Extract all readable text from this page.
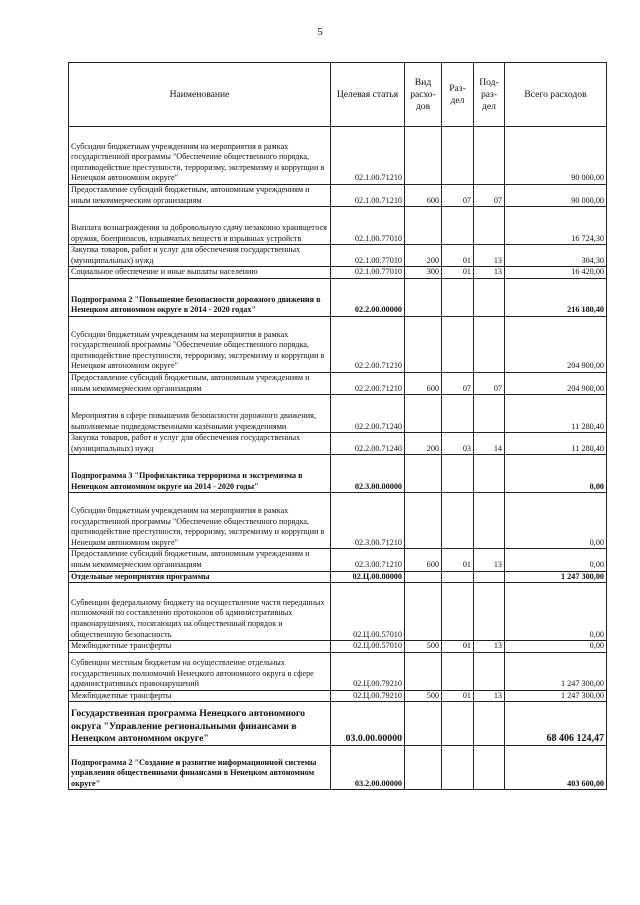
5
Наименование	Целевая статья	Вид расхо-дов	Раз-дел	Под-раз-дел	Всего расходов
Субсидии бюджетным учреждениям на мероприятия в рамках государственной программы "Обеспечение общественного порядка, противодействие преступности, терроризму, экстремизму и коррупции в Ненецком автономном округе"	02.1.00.71210				90 000,00
Предоставление субсидий бюджетным, автономным учреждениям и иным некоммерческим организациям	02.1.00.71210	600	07	07	90 000,00
Выплата вознаграждения за добровольную сдачу незаконно хранящегося оружия, боеприпасов, взрывчатых веществ и взрывных устройств	02.1.00.77010				16 724,30
Закупка товаров, работ и услуг для обеспечения государственных (муниципальных) нужд	02.1.00.77010	200	01	13	304,30
Социальное обеспечение и иные выплаты населению	02.1.00.77010	300	01	13	16 420,00
Подпрограмма 2 "Повышение безопасности дорожного движения в Ненецком автономном округе в 2014 - 2020 годах"	02.2.00.00000				216 180,40
Субсидии бюджетным учреждениям на мероприятия в рамках государственной программы "Обеспечение общественного порядка, противодействие преступности, терроризму, экстремизму и коррупции в Ненецком автономном округе"	02.2.00.71210				204 900,00
Предоставление субсидий бюджетным, автономным учреждениям и иным некоммерческим организациям	02.2.00.71210	600	07	07	204 900,00
Мероприятия в сфере повышения безопасности дорожного движения, выполняемые подведомственными казёнными учреждениями	02.2.00.71240				11 280,40
Закупка товаров, работ и услуг для обеспечения государственных (муниципальных) нужд	02.2.00.71240	200	03	14	11 280,40
Подпрограмма 3 "Профилактика терроризма и экстремизма в Ненецком автономном округе на 2014 - 2020 годы"	02.3.00.00000				0,00
Субсидии бюджетным учреждениям на мероприятия в рамках государственной программы "Обеспечение общественного порядка, противодействие преступности, терроризму, экстремизму и коррупции в Ненецком автономном округе"	02.3.00.71210				0,00
Предоставление субсидий бюджетным, автономным учреждениям и иным некоммерческим организациям	02.3.00.71210	600	01	13	0,00
Отдельные мероприятия программы	02.Ц.00.00000				1 247 300,00
Субвенции федеральному бюджету на осуществление части переданных полномочий по составлению протоколов об административных правонарушениях, посягающих на общественный порядок и общественную безопасность	02.Ц.00.57010				0,00
Межбюджетные трансферты	02.Ц.00.57010	500	01	13	0,00
Субвенции местным бюджетам на осуществление отдельных государственных полномочий Ненецкого автономного округа в сфере административных правонарушений	02.Ц.00.79210				1 247 300,00
Межбюджетные трансферты	02.Ц.00.79210	500	01	13	1 247 300,00
Государственная программа Ненецкого автономного округа "Управление региональными финансами в Ненецком автономном округе"	03.0.00.00000				68 406 124,47
Подпрограмма 2 "Создание и развитие информационной системы управления общественными финансами в Ненецком автономном округе"	03.2.00.00000				403 600,00
